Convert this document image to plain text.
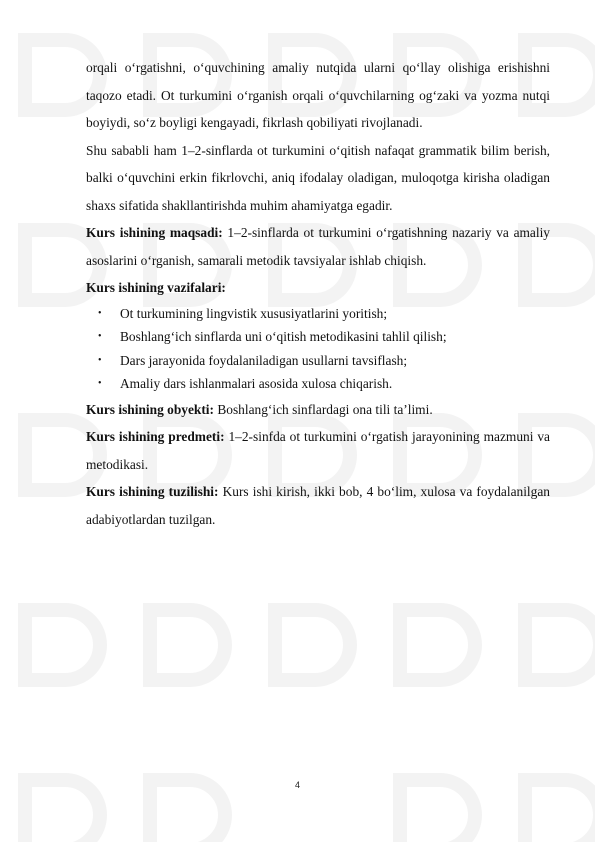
orqali o‘rgatishni, o‘quvchining amaliy nutqida ularni qo‘llay olishiga erishishni taqozo etadi. Ot turkumini o‘rganish orqali o‘quvchilarning og‘zaki va yozma nutqi boyiydi, so‘z boyligi kengayadi, fikrlash qobiliyati rivojlanadi.

Shu sababli ham 1–2-sinflarda ot turkumini o‘qitish nafaqat grammatik bilim berish, balki o‘quvchini erkin fikrlovchi, aniq ifodalay oladigan, muloqotga kirisha oladigan shaxs sifatida shakllantirishda muhim ahamiyatga egadir.

Kurs ishining maqsadi: 1–2-sinflarda ot turkumini o‘rgatishning nazariy va amaliy asoslarini o‘rganish, samarali metodik tavsiyalar ishlab chiqish.

Kurs ishining vazifalari:

• Ot turkumining lingvistik xususiyatlarini yoritish;
• Boshlang‘ich sinflarda uni o‘qitish metodikasini tahlil qilish;
• Dars jarayonida foydalaniladigan usullarni tavsiflash;
• Amaliy dars ishlanmalari asosida xulosa chiqarish.

Kurs ishining obyekti: Boshlang‘ich sinflardagi ona tili ta’limi.

Kurs ishining predmeti: 1–2-sinfda ot turkumini o‘rgatish jarayonining mazmuni va metodikasi.

Kurs ishining tuzilishi: Kurs ishi kirish, ikki bob, 4 bo‘lim, xulosa va foydalanilgan adabiyotlardan tuzilgan.

4
